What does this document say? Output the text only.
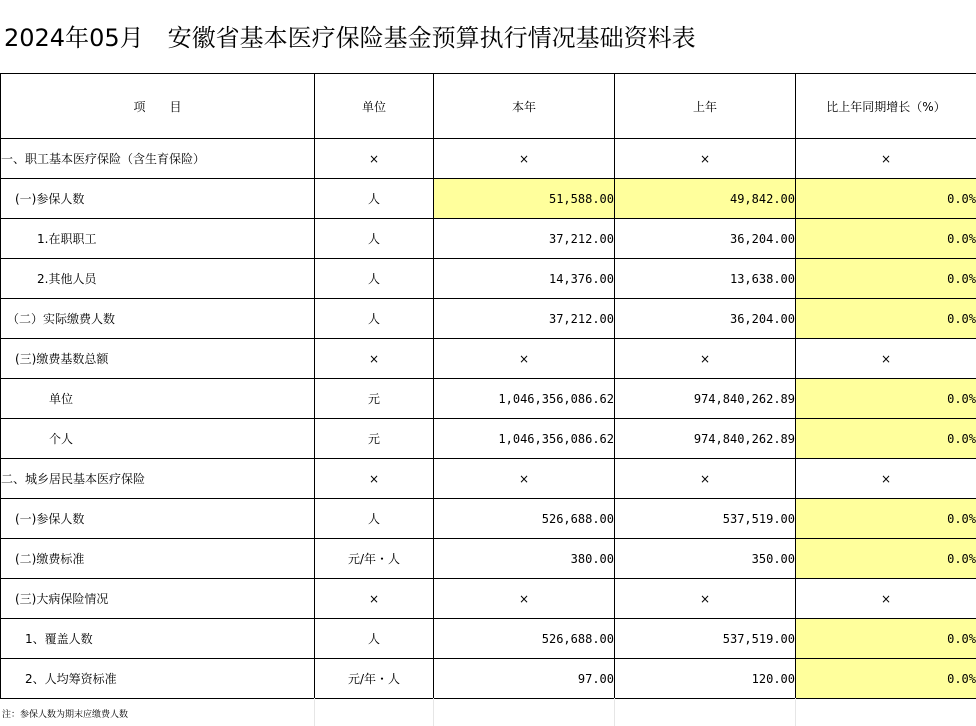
2024年05月 安徽省基本医疗保险基金预算执行情况基础资料表
项　　目	单位	本年	上年	比上年同期增长（%）
一、职工基本医疗保险（含生育保险）	×	×	×	×
(一)参保人数	人	51,588.00	49,842.00	0.0%
1.在职职工	人	37,212.00	36,204.00	0.0%
2.其他人员	人	14,376.00	13,638.00	0.0%
（二）实际缴费人数	人	37,212.00	36,204.00	0.0%
(三)缴费基数总额	×	×	×	×
单位	元	1,046,356,086.62	974,840,262.89	0.0%
个人	元	1,046,356,086.62	974,840,262.89	0.0%
二、城乡居民基本医疗保险	×	×	×	×
(一)参保人数	人	526,688.00	537,519.00	0.0%
(二)缴费标准	元/年・人	380.00	350.00	0.0%
(三)大病保险情况	×	×	×	×
1、覆盖人数	人	526,688.00	537,519.00	0.0%
2、人均筹资标准	元/年・人	97.00	120.00	0.0%
注：参保人数为期末应缴费人数
